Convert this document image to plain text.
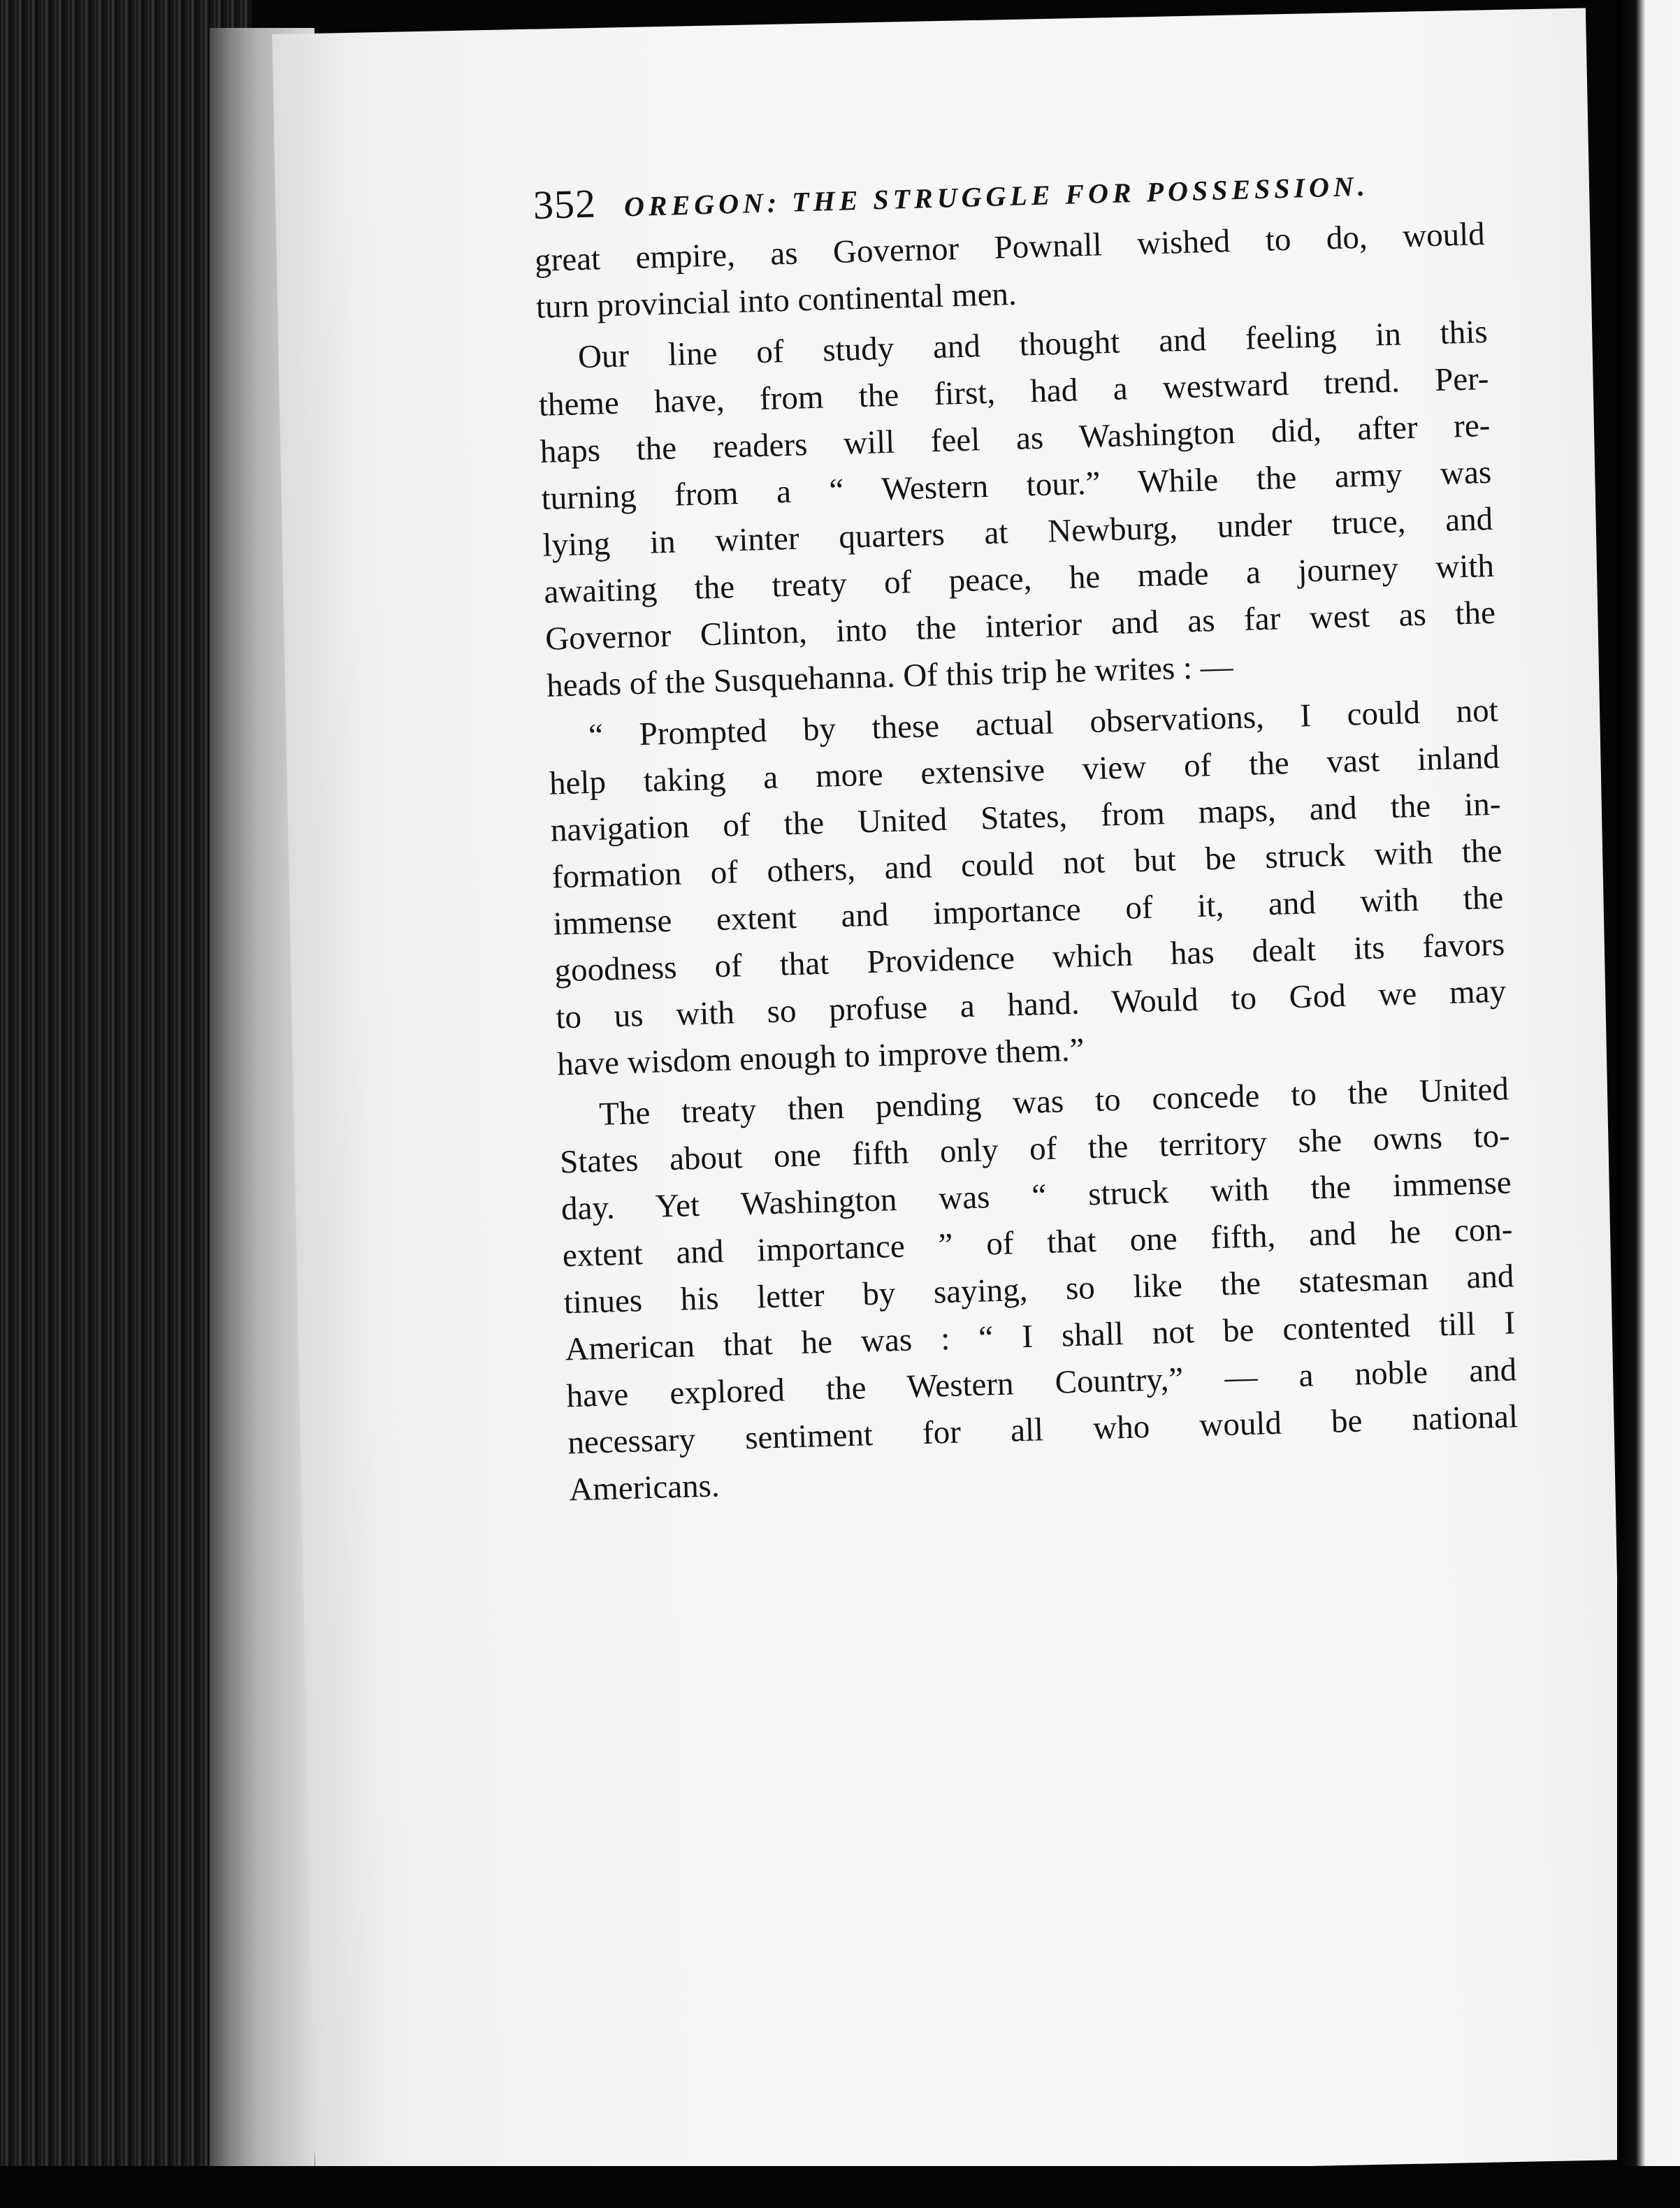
352 OREGON: THE STRUGGLE FOR POSSESSION.
great empire, as Governor Pownall wished to do, would
turn provincial into continental men.
Our line of study and thought and feeling in this
theme have, from the first, had a westward trend. Per-
haps the readers will feel as Washington did, after re-
turning from a “ Western tour.” While the army was
lying in winter quarters at Newburg, under truce, and
awaiting the treaty of peace, he made a journey with
Governor Clinton, into the interior and as far west as the
heads of the Susquehanna. Of this trip he writes : —
“ Prompted by these actual observations, I could not
help taking a more extensive view of the vast inland
navigation of the United States, from maps, and the in-
formation of others, and could not but be struck with the
immense extent and importance of it, and with the
goodness of that Providence which has dealt its favors
to us with so profuse a hand. Would to God we may
have wisdom enough to improve them.”
The treaty then pending was to concede to the United
States about one fifth only of the territory she owns to-
day. Yet Washington was “ struck with the immense
extent and importance ” of that one fifth, and he con-
tinues his letter by saying, so like the statesman and
American that he was : “ I shall not be contented till I
have explored the Western Country,” — a noble and
necessary sentiment for all who would be national
Americans.
